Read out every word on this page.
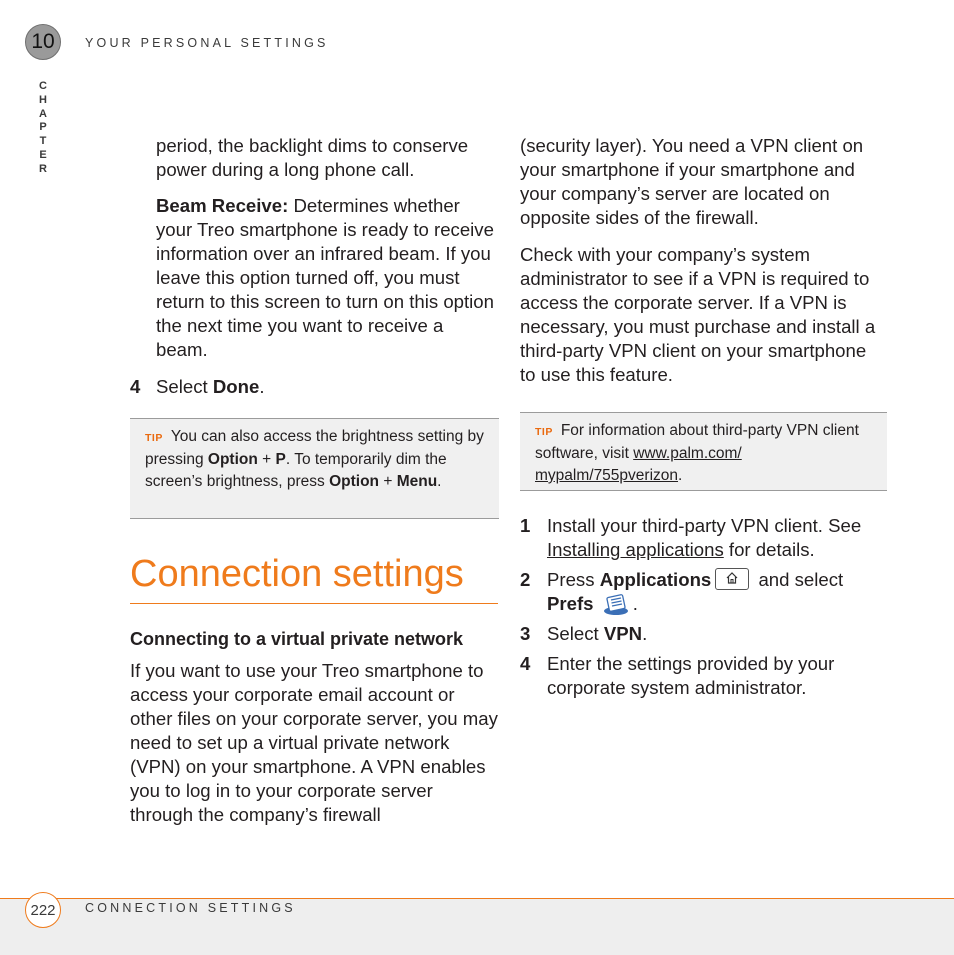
10 YOUR PERSONAL SETTINGS
C
H
A
P
T
E
R

period, the backlight dims to conserve power during a long phone call.

Beam Receive: Determines whether your Treo smartphone is ready to receive information over an infrared beam. If you leave this option turned off, you must return to this screen to turn on this option the next time you want to receive a beam.

4 Select Done.
TIP You can also access the brightness setting by pressing Option + P. To temporarily dim the screen’s brightness, press Option + Menu.
Connection settings
Connecting to a virtual private network
If you want to use your Treo smartphone to access your corporate email account or other files on your corporate server, you may need to set up a virtual private network (VPN) on your smartphone. A VPN enables you to log in to your corporate server through the company’s firewall

(security layer). You need a VPN client on your smartphone if your smartphone and your company’s server are located on opposite sides of the firewall.

Check with your company’s system administrator to see if a VPN is required to access the corporate server. If a VPN is necessary, you must purchase and install a third-party VPN client on your smartphone to use this feature.

TIP For information about third-party VPN client software, visit www.palm.com/ mypalm/755pverizon.
1 Install your third-party VPN client. See Installing applications for details.
2 Press Applications
and select
Prefs .
3 Select VPN.
4 Enter the settings provided by your corporate system administrator.
222 CONNECTION SETTINGS
